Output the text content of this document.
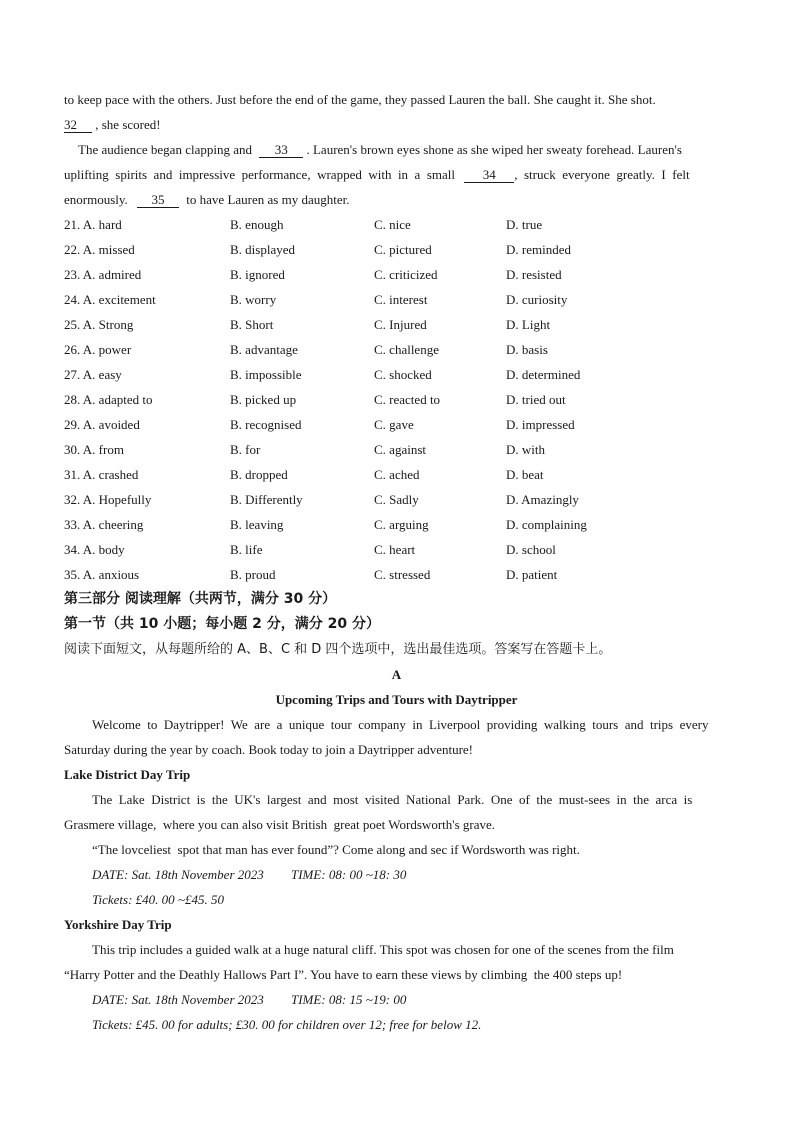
to keep pace with the others. Just before the end of the game, they passed Lauren the ball. She caught it. She shot.
32 , she scored!
The audience began clapping and 33 . Lauren's brown eyes shone as she wiped her sweaty forehead. Lauren's
uplifting  spirits  and  impressive  performance,  wrapped  with  in  a  small 34 ,  struck  everyone  greatly.  I  felt
enormously. 35 to have Lauren as my daughter.
21. A. hard	B. enough	C. nice	D. true
22. A. missed	B. displayed	C. pictured	D. reminded
23. A. admired	B. ignored	C. criticized	D. resisted
24. A. excitement	B. worry	C. interest	D. curiosity
25. A. Strong	B. Short	C. Injured	D. Light
26. A. power	B. advantage	C. challenge	D. basis
27. A. easy	B. impossible	C. shocked	D. determined
28. A. adapted to	B. picked up	C. reacted to	D. tried out
29. A. avoided	B. recognised	C. gave	D. impressed
30. A. from	B. for	C. against	D. with
31. A. crashed	B. dropped	C. ached	D. beat
32. A. Hopefully	B. Differently	C. Sadly	D. Amazingly
33. A. cheering	B. leaving	C. arguing	D. complaining
34. A. body	B. life	C. heart	D. school
35. A. anxious	B. proud	C. stressed	D. patient
第三部分 阅读理解（共两节，满分 30 分）
第一节（共 10 小题；每小题 2 分，满分 20 分）
阅读下面短文，从每题所给的 A、B、C 和 D 四个选项中，选出最佳选项。答案写在答题卡上。
A
Upcoming Trips and Tours with Daytripper
Welcome  to  Daytripper!  We  are  a  unique  tour  company  in  Liverpool  providing  walking  tours  and  trips  every
Saturday during the year by coach. Book today to join a Daytripper adventure!
Lake District Day Trip
The  Lake  District  is  the  UK's  largest  and  most  visited  National  Park.  One  of  the  must-sees  in  the  arca  is
Grasmere village,  where you can also visit British  great poet Wordsworth's grave.
“The lovceliest  spot that man has ever found”? Come along and sec if Wordsworth was right.
DATE: Sat. 18th November 2023 TIME: 08: 00 ~18: 30
Tickets: £40. 00 ~£45. 50
Yorkshire Day Trip
This trip includes a guided walk at a huge natural cliff. This spot was chosen for one of the scenes from the film
“Harry Potter and the Deathly Hallows Part I”. You have to earn these views by climbing  the 400 steps up!
DATE: Sat. 18th November 2023 TIME: 08: 15 ~19: 00
Tickets: £45. 00 for adults; £30. 00 for children over 12; free for below 12.
